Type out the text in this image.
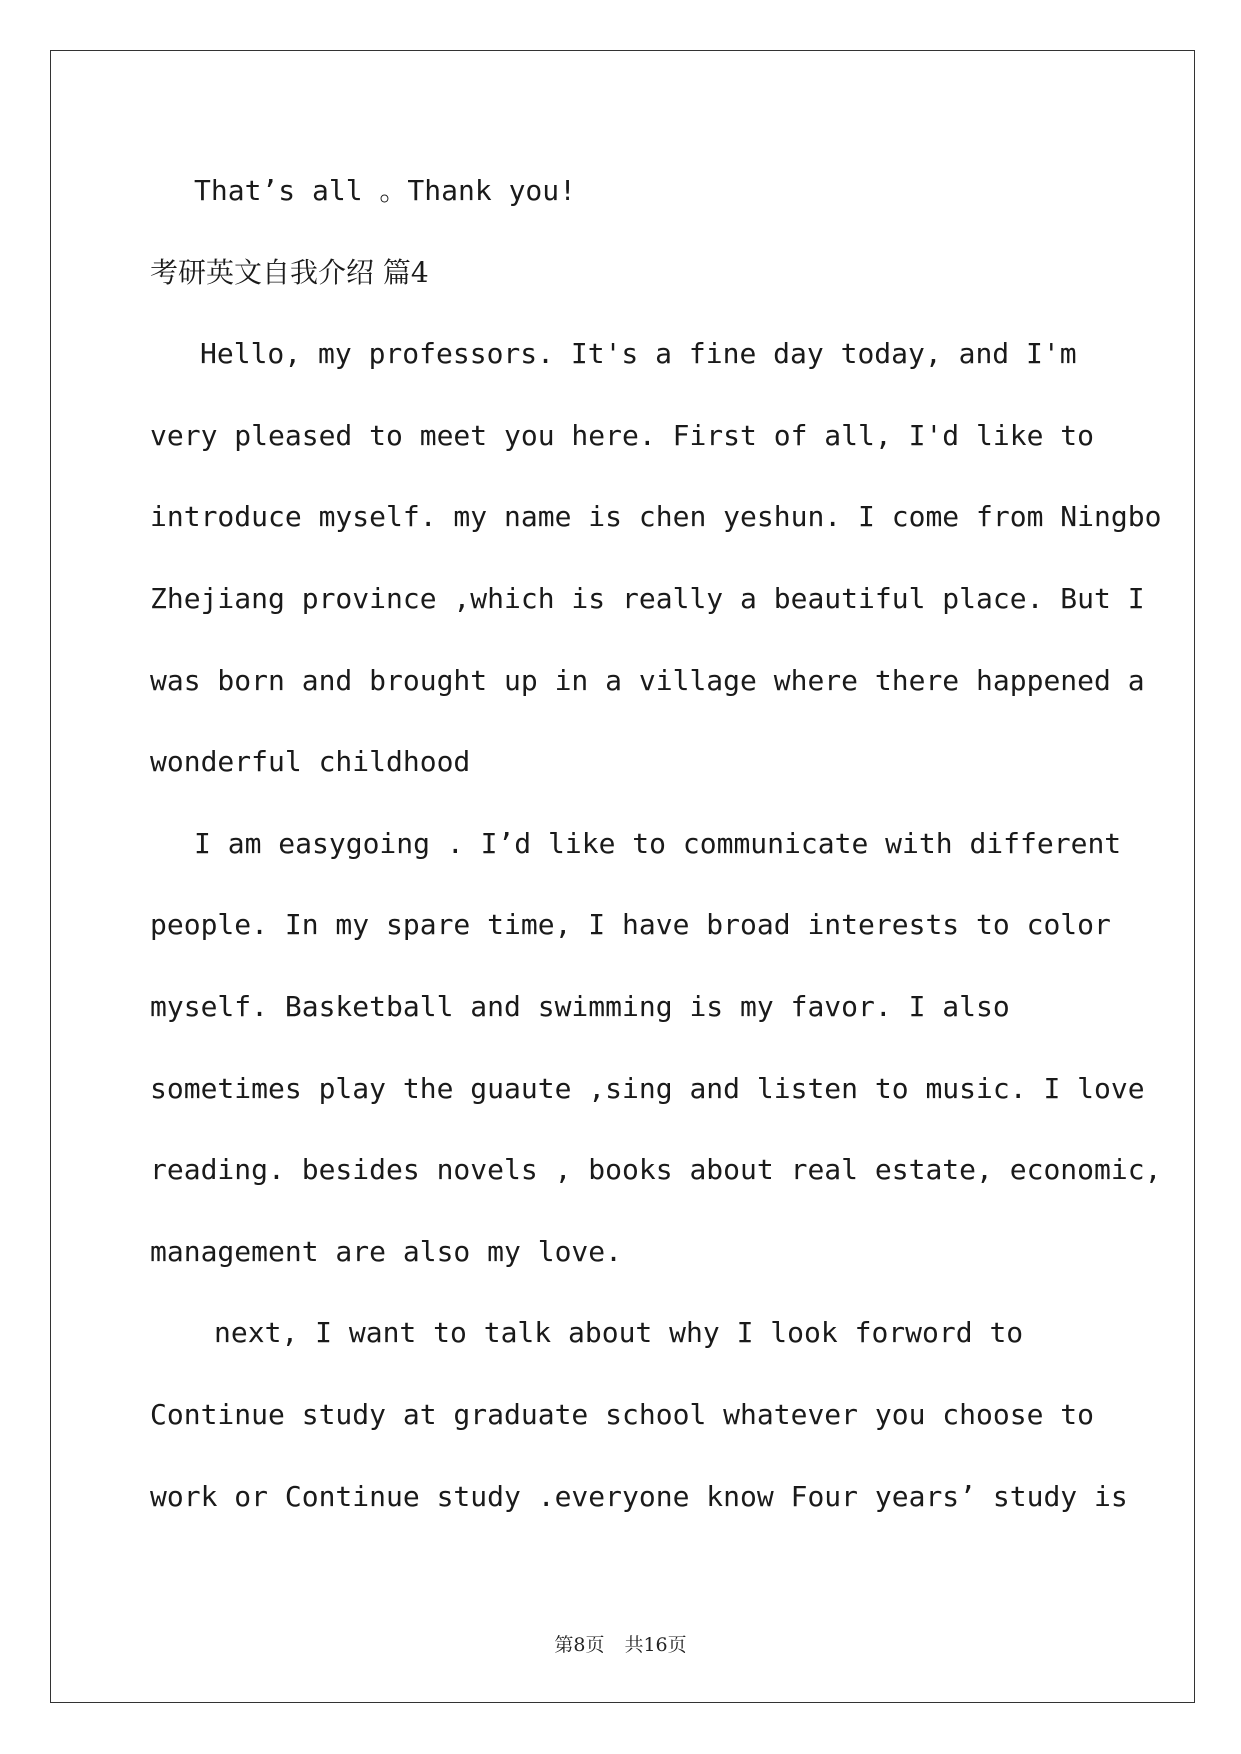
That’s all 。Thank you!
考研英文自我介绍 篇4
Hello, my professors. It's a fine day today, and I'm
very pleased to meet you here. First of all, I'd like to
introduce myself. my name is chen yeshun. I come from Ningbo
Zhejiang province ,which is really a beautiful place. But I
was born and brought up in a village where there happened a
wonderful childhood
I am easygoing . I’d like to communicate with different
people. In my spare time, I have broad interests to color
myself. Basketball and swimming is my favor. I also
sometimes play the guaute ,sing and listen to music. I love
reading. besides novels , books about real estate, economic,
management are also my love.
next, I want to talk about why I look forword to
Continue study at graduate school whatever you choose to
work or Continue study .everyone know Four years’ study is
第8页 共16页
